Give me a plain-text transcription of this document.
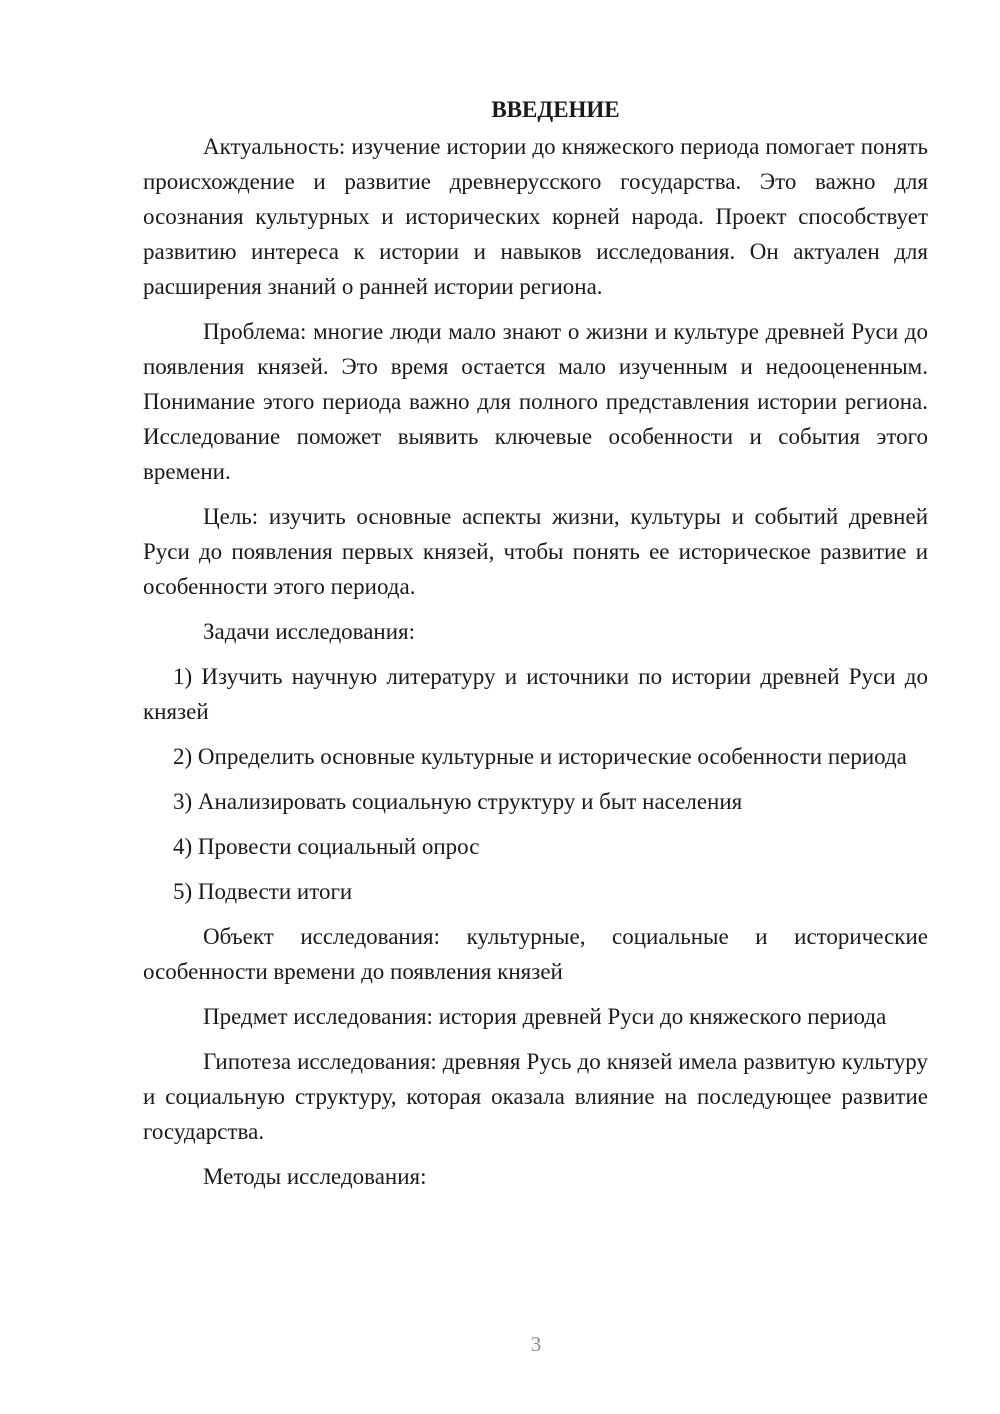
ВВЕДЕНИЕ

Актуальность: изучение истории до княжеского периода помогает понять происхождение и развитие древнерусского государства. Это важно для осознания культурных и исторических корней народа. Проект способствует развитию интереса к истории и навыков исследования. Он актуален для расширения знаний о ранней истории региона.

Проблема: многие люди мало знают о жизни и культуре древней Руси до появления князей. Это время остается мало изученным и недооцененным. Понимание этого периода важно для полного представления истории региона. Исследование поможет выявить ключевые особенности и события этого времени.

Цель: изучить основные аспекты жизни, культуры и событий древней Руси до появления первых князей, чтобы понять ее историческое развитие и особенности этого периода.

Задачи исследования:

1) Изучить научную литературу и источники по истории древней Руси до князей

2) Определить основные культурные и исторические особенности периода

3) Анализировать социальную структуру и быт населения

4) Провести социальный опрос

5) Подвести итоги

Объект исследования: культурные, социальные и исторические особенности времени до появления князей

Предмет исследования: история древней Руси до княжеского периода

Гипотеза исследования: древняя Русь до князей имела развитую культуру и социальную структуру, которая оказала влияние на последующее развитие государства.

Методы исследования:

3
